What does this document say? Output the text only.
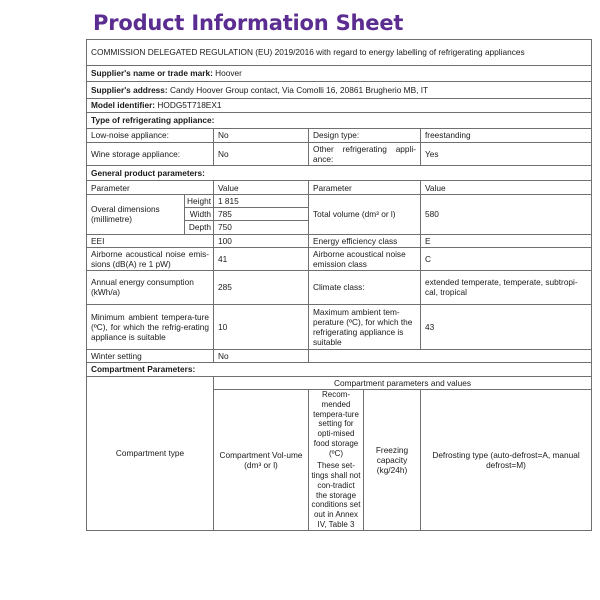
Product Information Sheet
COMMISSION DELEGATED REGULATION (EU) 2019/2016 with regard to energy labelling of refrigerating appliances					
Supplier's name or trade mark: Hoover					
Supplier's address: Candy Hoover Group contact, Via Comolli 16, 20861 Brugherio MB, IT					
Model identifier: HODG5T718EX1					
Type of refrigerating appliance:					
Low-noise appliance:		No	Design type:		freestanding
Wine storage appliance:		No	Other refrigerating appli-ance:		Yes
General product parameters:					
Parameter		Value	Parameter		Value
Overal dimensions (millimetre)	Height	1 815	Total volume (dm³ or l)		580
	Width	785			
	Depth	750			
EEI		100	Energy efficiency class		E
Airborne acoustical noise emis-sions (dB(A) re 1 pW)		41	Airborne acoustical noise emission class		C
Annual energy consumption (kWh/a)		285	Climate class:		extended temperate, temperate, subtropi-cal, tropical
Minimum ambient tempera-ture (ºC), for which the refrig-erating appliance is suitable		10	Maximum ambient tem-perature (ºC), for which the refrigerating appliance is suitable		43
Winter setting		No			
Compartment Parameters:					
Compartment type		Compartment parameters and values			
		Compartment Vol-ume (dm³ or l)	Recom-mended tempera-ture setting for opti-mised food storage (ºC)
These set-tings shall not con-tradict the storage conditions set out in Annex IV, Table 3	Freezing capacity (kg/24h)	Defrosting type (auto-defrost=A, manual defrost=M)
